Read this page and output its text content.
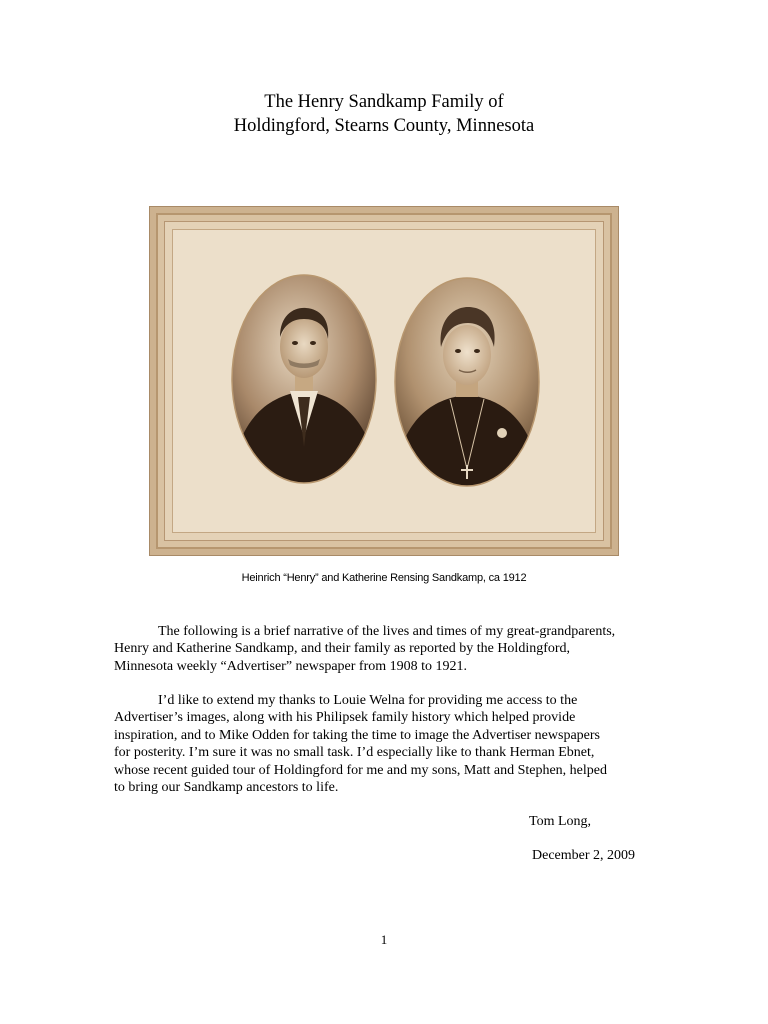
The Henry Sandkamp Family of
Holdingford, Stearns County, Minnesota
Heinrich “Henry” and Katherine Rensing Sandkamp, ca 1912
The following is a brief narrative of the lives and times of my great-grandparents,
Henry and Katherine Sandkamp, and their family as reported by the Holdingford,
Minnesota weekly “Advertiser” newspaper from 1908 to 1921.
I’d like to extend my thanks to Louie Welna for providing me access to the
Advertiser’s images, along with his Philipsek family history which helped provide
inspiration, and to Mike Odden for taking the time to image the Advertiser newspapers
for posterity. I’m sure it was no small task. I’d especially like to thank Herman Ebnet,
whose recent guided tour of Holdingford for me and my sons, Matt and Stephen, helped
to bring our Sandkamp ancestors to life.
Tom Long,
December 2, 2009
1
